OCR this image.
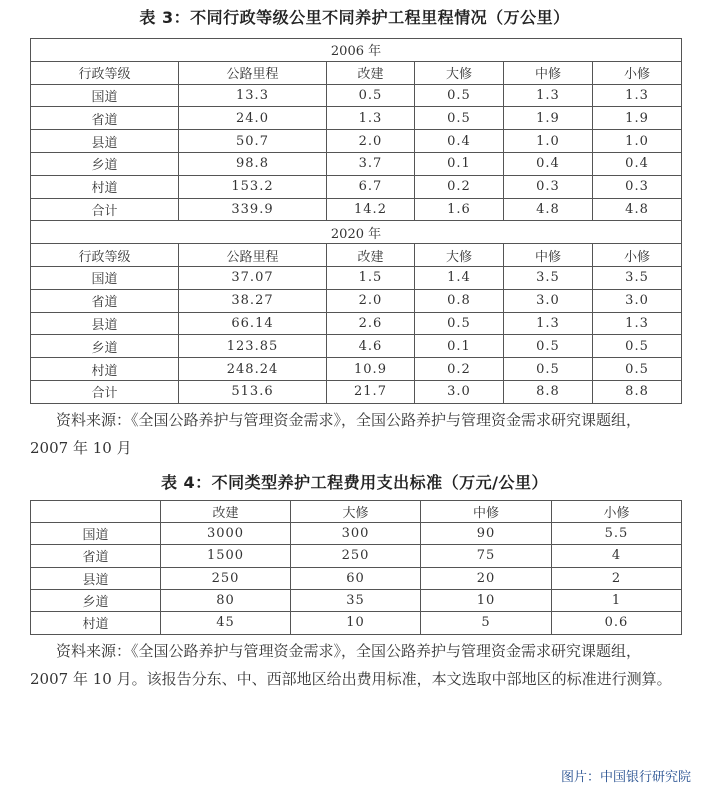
表 3：不同行政等级公里不同养护工程里程情况（万公里）
2006 年					
行政等级	公路里程	改建	大修	中修	小修
国道	13.3	0.5	0.5	1.3	1.3
省道	24.0	1.3	0.5	1.9	1.9
县道	50.7	2.0	0.4	1.0	1.0
乡道	98.8	3.7	0.1	0.4	0.4
村道	153.2	6.7	0.2	0.3	0.3
合计	339.9	14.2	1.6	4.8	4.8
2020 年					
行政等级	公路里程	改建	大修	中修	小修
国道	37.07	1.5	1.4	3.5	3.5
省道	38.27	2.0	0.8	3.0	3.0
县道	66.14	2.6	0.5	1.3	1.3
乡道	123.85	4.6	0.1	0.5	0.5
村道	248.24	10.9	0.2	0.5	0.5
合计	513.6	21.7	3.0	8.8	8.8
资料来源：《全国公路养护与管理资金需求》，全国公路养护与管理资金需求研究课题组，2007 年 10 月
表 4：不同类型养护工程费用支出标准（万元/公里）
	改建	大修	中修	小修
国道	3000	300	90	5.5
省道	1500	250	75	4
县道	250	60	20	2
乡道	80	35	10	1
村道	45	10	5	0.6
资料来源：《全国公路养护与管理资金需求》，全国公路养护与管理资金需求研究课题组，2007 年 10 月。该报告分东、中、西部地区给出费用标准，本文选取中部地区的标准进行测算。
图片：中国银行研究院
